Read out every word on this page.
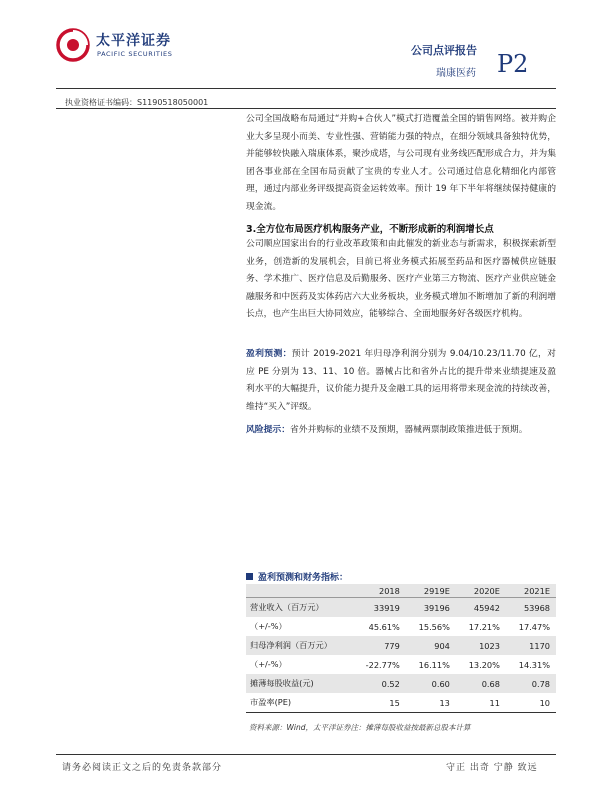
太平洋证券
PACIFIC SECURITIES	公司点评报告
瑞康医药 P2
执业资格证书编码：S1190518050001
公司全国战略布局通过“并购+合伙人”模式打造覆盖全国的销售网络。被并购企业大多呈现小而美、专业性强、营销能力强的特点，在细分领域具备独特优势，并能够较快融入瑞康体系，聚沙成塔，与公司现有业务线匹配形成合力，并为集团各事业部在全国布局贡献了宝贵的专业人才。公司通过信息化精细化内部管理，通过内部业务评级提高资金运转效率。预计 19 年下半年将继续保持健康的现金流。
3.全方位布局医疗机构服务产业，不断形成新的利润增长点
公司顺应国家出台的行业改革政策和由此催发的新业态与新需求，积极探索新型业务，创造新的发展机会，目前已将业务模式拓展至药品和医疗器械供应链服务、学术推广、医疗信息及后勤服务、医疗产业第三方物流、医疗产业供应链金融服务和中医药及实体药店六大业务板块，业务模式增加不断增加了新的利润增长点，也产生出巨大协同效应，能够综合、全面地服务好各级医疗机构。
盈利预测：预计 2019-2021 年归母净利润分别为 9.04/10.23/11.70 亿，对应 PE 分别为 13、11、10 倍。器械占比和省外占比的提升带来业绩提速及盈利水平的大幅提升，议价能力提升及金融工具的运用将带来现金流的持续改善，维持“买入”评级。
风险提示：省外并购标的业绩不及预期，器械两票制政策推进低于预期。
盈利预测和财务指标：
	2018	2919E	2020E	2021E
营业收入（百万元）	33919	39196	45942	53968
（+/-%）	45.61%	15.56%	17.21%	17.47%
归母净利润（百万元）	779	904	1023	1170
（+/-%）	-22.77%	16.11%	13.20%	14.31%
摊薄每股收益(元)	0.52	0.60	0.68	0.78
市盈率(PE)	15	13	11	10
资料来源：Wind，太平洋证券注：摊薄每股收益按最新总股本计算
请务必阅读正文之后的免责条款部分	守正 出奇 宁静 致远
